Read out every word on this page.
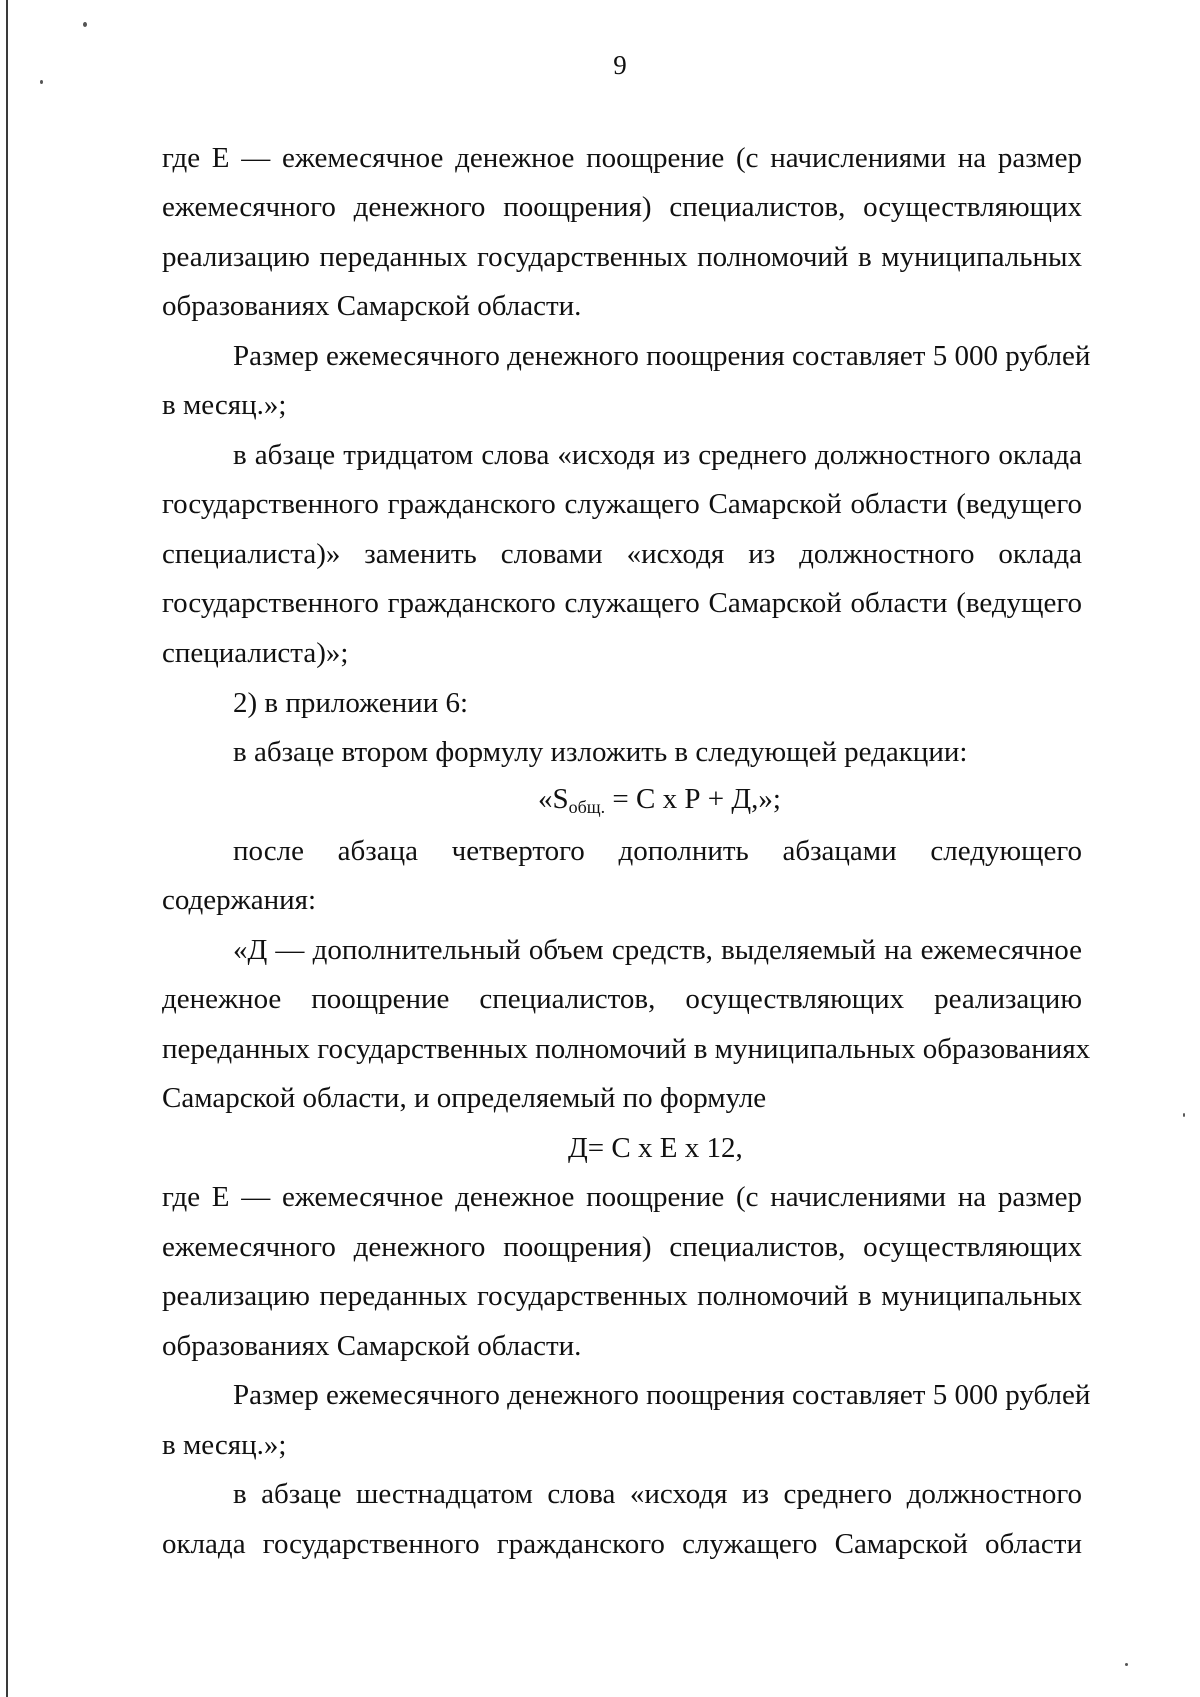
9
где Е — ежемесячное денежное поощрение (с начислениями на размер
ежемесячного денежного поощрения) специалистов, осуществляющих
реализацию переданных государственных полномочий в муниципальных
образованиях Самарской области.
Размер ежемесячного денежного поощрения составляет 5 000 рублей
в месяц.»;
в абзаце тридцатом слова «исходя из среднего должностного оклада
государственного гражданского служащего Самарской области (ведущего
специалиста)» заменить словами «исходя из должностного оклада
государственного гражданского служащего Самарской области (ведущего
специалиста)»;
2) в приложении 6:
в абзаце втором формулу изложить в следующей редакции:
«$S_{общ.} = С$ х Р + Д,»;
после абзаца четвертого дополнить абзацами следующего
содержания:
«Д — дополнительный объем средств, выделяемый на ежемесячное
денежное поощрение специалистов, осуществляющих реализацию
переданных государственных полномочий в муниципальных образованиях
Самарской области, и определяемый по формуле
Д= С х Е х 12,
где Е — ежемесячное денежное поощрение (с начислениями на размер
ежемесячного денежного поощрения) специалистов, осуществляющих
реализацию переданных государственных полномочий в муниципальных
образованиях Самарской области.
Размер ежемесячного денежного поощрения составляет 5 000 рублей
в месяц.»;
в абзаце шестнадцатом слова «исходя из среднего должностного
оклада государственного гражданского служащего Самарской области
